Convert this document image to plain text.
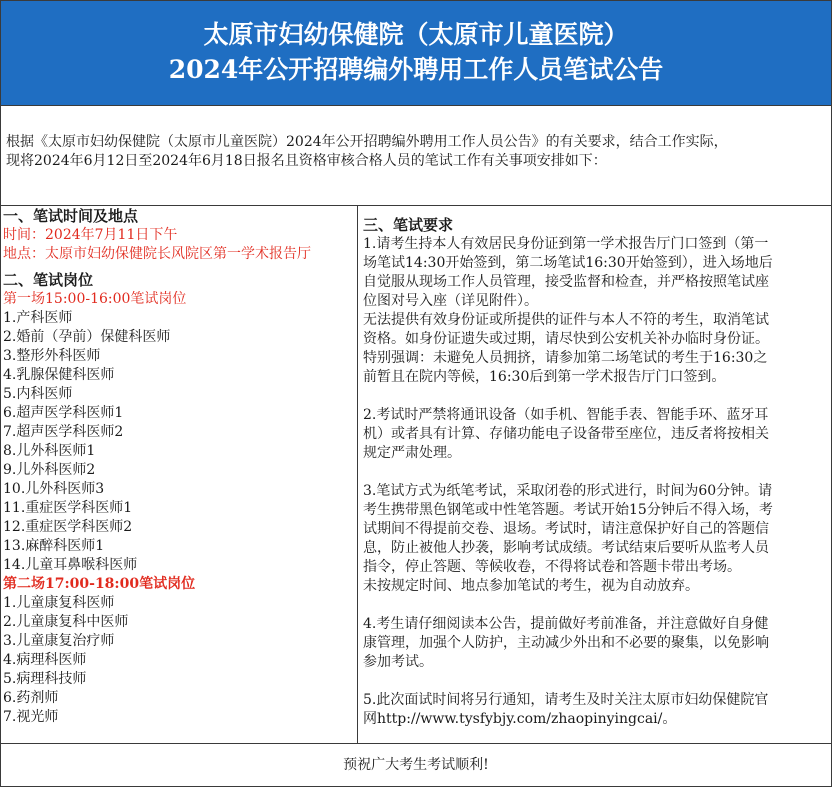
太原市妇幼保健院（太原市儿童医院）
2024年公开招聘编外聘用工作人员笔试公告

根据《太原市妇幼保健院（太原市儿童医院）2024年公开招聘编外聘用工作人员公告》的有关要求，结合工作实际，

现将2024年6月12日至2024年6月18日报名且资格审核合格人员的笔试工作有关事项安排如下：

一、笔试时间及地点
时间：2024年7月11日下午
地点：太原市妇幼保健院长风院区第一学术报告厅
二、笔试岗位
第一场15:00-16:00笔试岗位
1.产科医师
2.婚前（孕前）保健科医师
3.整形外科医师
4.乳腺保健科医师
5.内科医师
6.超声医学科医师1
7.超声医学科医师2
8.儿外科医师1
9.儿外科医师2
10.儿外科医师3
11.重症医学科医师1
12.重症医学科医师2
13.麻醉科医师1
14.儿童耳鼻喉科医师
第二场17:00-18:00笔试岗位
1.儿童康复科医师
2.儿童康复科中医师
3.儿童康复治疗师
4.病理科医师
5.病理科技师
6.药剂师
7.视光师
三、笔试要求
1.请考生持本人有效居民身份证到第一学术报告厅门口签到（第一
场笔试14:30开始签到，第二场笔试16:30开始签到），进入场地后
自觉服从现场工作人员管理，接受监督和检查，并严格按照笔试座
位图对号入座（详见附件）。
无法提供有效身份证或所提供的证件与本人不符的考生，取消笔试
资格。如身份证遗失或过期，请尽快到公安机关补办临时身份证。
特别强调：未避免人员拥挤，请参加第二场笔试的考生于16:30之
前暂且在院内等候，16:30后到第一学术报告厅门口签到。
2.考试时严禁将通讯设备（如手机、智能手表、智能手环、蓝牙耳
机）或者具有计算、存储功能电子设备带至座位，违反者将按相关
规定严肃处理。
3.笔试方式为纸笔考试，采取闭卷的形式进行，时间为60分钟。请
考生携带黑色钢笔或中性笔答题。考试开始15分钟后不得入场，考
试期间不得提前交卷、退场。考试时，请注意保护好自己的答题信
息，防止被他人抄袭，影响考试成绩。考试结束后要听从监考人员
指令，停止答题、等候收卷，不得将试卷和答题卡带出考场。
未按规定时间、地点参加笔试的考生，视为自动放弃。
4.考生请仔细阅读本公告，提前做好考前准备，并注意做好自身健
康管理，加强个人防护，主动减少外出和不必要的聚集，以免影响
参加考试。
5.此次面试时间将另行通知，请考生及时关注太原市妇幼保健院官
网http://www.tysfybjy.com/zhaopinyingcai/。
预祝广大考生考试顺利!
